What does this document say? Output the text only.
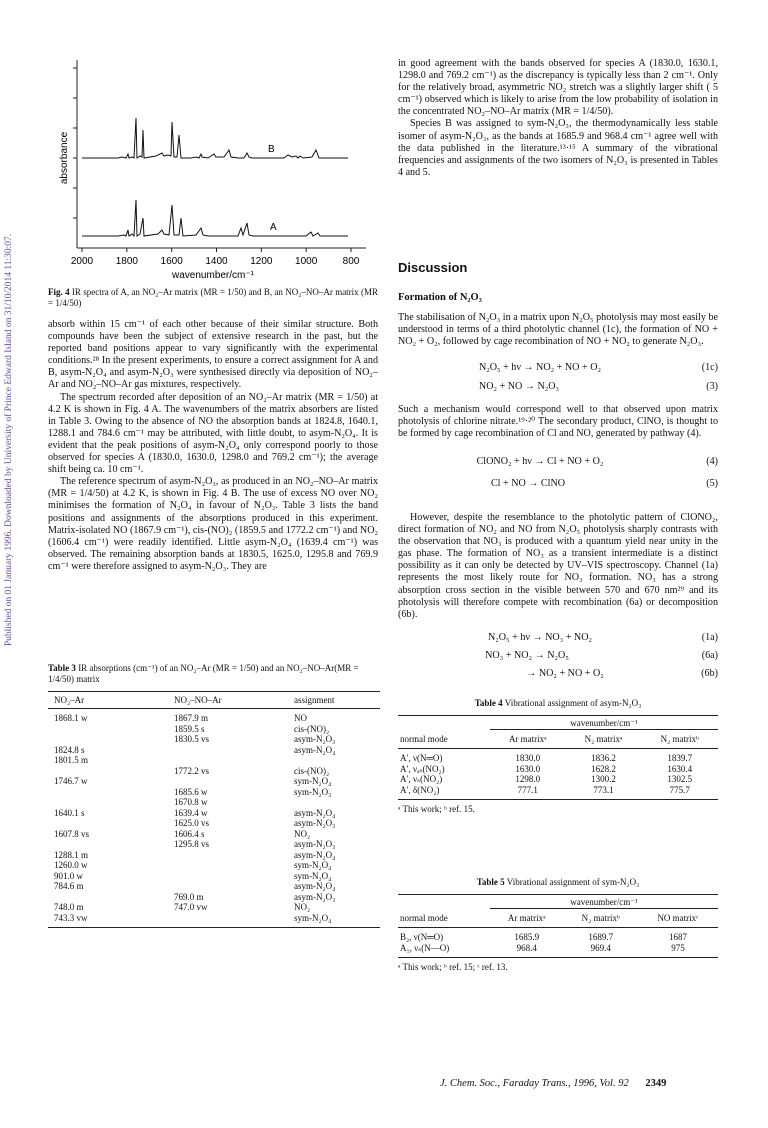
Published on 01 January 1996. Downloaded by University of Prince Edward Island on 31/10/2014 11:30:07.
B
A
2000 1800 1600 1400 1200 1000	800
wavenumber/cm⁻¹
absorbance
Fig. 4 IR spectra of A, an NO₂–Ar matrix (MR = 1/50) and B, an NO₂–NO–Ar matrix (MR = 1/4/50)

absorb within 15 cm⁻¹ of each other because of their similar structure. Both compounds have been the subject of extensive research in the past, but the reported band positions appear to vary significantly with the experimental conditions.²⁸ In the present experiments, to ensure a correct assignment for A and B, asym-N₂O₄ and asym-N₂O₃ were synthesised directly via deposition of NO₂–Ar and NO₂–NO–Ar gas mixtures, respectively.

The spectrum recorded after deposition of an NO₂–Ar matrix (MR = 1/50) at 4.2 K is shown in Fig. 4 A. The wavenumbers of the matrix absorbers are listed in Table 3. Owing to the absence of NO the absorption bands at 1824.8, 1640.1, 1288.1 and 784.6 cm⁻¹ may be attributed, with little doubt, to asym-N₂O₄. It is evident that the peak positions of asym-N₂O₄ only correspond poorly to those observed for species A (1830.0, 1630.0, 1298.0 and 769.2 cm⁻¹); the average shift being ca. 10 cm⁻¹.

The reference spectrum of asym-N₂O₃, as produced in an NO₂–NO–Ar matrix (MR = 1/4/50) at 4.2 K, is shown in Fig. 4 B. The use of excess NO over NO₂ minimises the formation of N₂O₄ in favour of N₂O₃. Table 3 lists the band positions and assignments of the absorptions produced in this experiment. Matrix-isolated NO (1867.9 cm⁻¹), cis-(NO)₂ (1859.5 and 1772.2 cm⁻¹) and NO₂ (1606.4 cm⁻¹) were readily identified. Little asym-N₂O₄ (1639.4 cm⁻¹) was observed. The remaining absorption bands at 1830.5, 1625.0, 1295.8 and 769.9 cm⁻¹ were therefore assigned to asym-N₂O₃. They are

Table 3 IR absorptions (cm⁻¹) of an NO₂–Ar (MR = 1/50) and an NO₂–NO–Ar(MR = 1/4/50) matrix
NO₂–Ar	NO₂–NO–Ar	assignment
1868.1 w	1867.9 m	NO
	1859.5 s	cis-(NO)₂
	1830.5 vs	asym-N₂O₃
1824.8 s		asym-N₂O₄
1801.5 m		
	1772.2 vs	cis-(NO)₂
1746.7 w		sym-N₂O₄
	1685.6 w	sym-N₂O₃
	1670.8 w	
1640.1 s	1639.4 w	asym-N₂O₄
	1625.0 vs	asym-N₂O₃
1607.8 vs	1606.4 s	NO₂
	1295.8 vs	asym-N₂O₃
1288.1 m		asym-N₂O₄
1260.0 w		sym-N₂O₄
901.0 w		sym-N₂O₄
784.6 m		asym-N₂O₄
	769.0 m	asym-N₂O₃
748.0 m	747.0 vw	NO₂
743.3 vw		sym-N₂O₄

in good agreement with the bands observed for species A (1830.0, 1630.1, 1298.0 and 769.2 cm⁻¹) as the discrepancy is typically less than 2 cm⁻¹. Only for the relatively broad, asymmetric NO₂ stretch was a slightly larger shift ( 5 cm⁻¹) observed which is likely to arise from the low probability of isolation in the concentrated NO₂–NO–Ar matrix (MR = 1/4/50).

Species B was assigned to sym-N₂O₃, the thermodynamically less stable isomer of asym-N₂O₃, as the bands at 1685.9 and 968.4 cm⁻¹ agree well with the data published in the literature.¹³·¹⁵ A summary of the vibrational frequencies and assignments of the two isomers of N₂O₃ is presented in Tables 4 and 5.

Discussion
Formation of N₂O₃

The stabilisation of N₂O₃ in a matrix upon N₂O₅ photolysis may most easily be understood in terms of a third photolytic channel (1c), the formation of NO + NO₂ + O₂, followed by cage recombination of NO + NO₂ to generate N₂O₃.

N₂O₅ + hν → NO₂ + NO + O₂	(1c)
NO₂ + NO → N₂O₃	(3)

Such a mechanism would correspond well to that observed upon matrix photolysis of chlorine nitrate.¹⁹·²⁰ The secondary product, ClNO, is thought to be formed by cage recombination of Cl and NO, generated by pathway (4).

ClONO₂ + hν → Cl + NO + O₂	(4)
Cl + NO → ClNO	(5)

However, despite the resemblance to the photolytic pattern of ClONO₂, direct formation of NO₂ and NO from N₂O₅ photolysis sharply contrasts with the observation that NO₃ is produced with a quantum yield near unity in the gas phase. The formation of NO₃ as a transient intermediate is a distinct possibility as it can only be detected by UV–VIS spectroscopy. Channel (1a) represents the most likely route for NO₃ formation. NO₃ has a strong absorption cross section in the visible between 570 and 670 nm²⁹ and its photolysis will therefore compete with recombination (6a) or decomposition (6b).

N₂O₅ + hν → NO₃ + NO₂	(1a)
NO₃ + NO₂ → N₂O₅	(6a)
→ NO₂ + NO + O₂	(6b)
Table 4 Vibrational assignment of asym-N₂O₃
	wavenumber/cm⁻¹		

normal mode	Ar matrixᵃ	N₂ matrixᵃ	N₂ matrixᵇ
A′, ν(N═O)	1830.0	1836.2	1839.7
A′, νₐₛ(NO₂)	1630.0	1628.2	1630.4
A′, νₛ(NO₂)	1298.0	1300.2	1302.5
A′, δ(NO₂)	777.1	773.1	775.7
ᵃ This work; ᵇ ref. 15.
Table 5 Vibrational assignment of sym-N₂O₃
	wavenumber/cm⁻¹		

normal mode	Ar matrixᵃ	N₂ matrixᵇ	NO matrixᶜ
B₂, ν(N═O)	1685.9	1689.7	1687
A₁, νₛ(N—O)	968.4	969.4	975
ᵃ This work; ᵇ ref. 15; ᶜ ref. 13.
J. Chem. Soc., Faraday Trans., 1996, Vol. 92 2349
